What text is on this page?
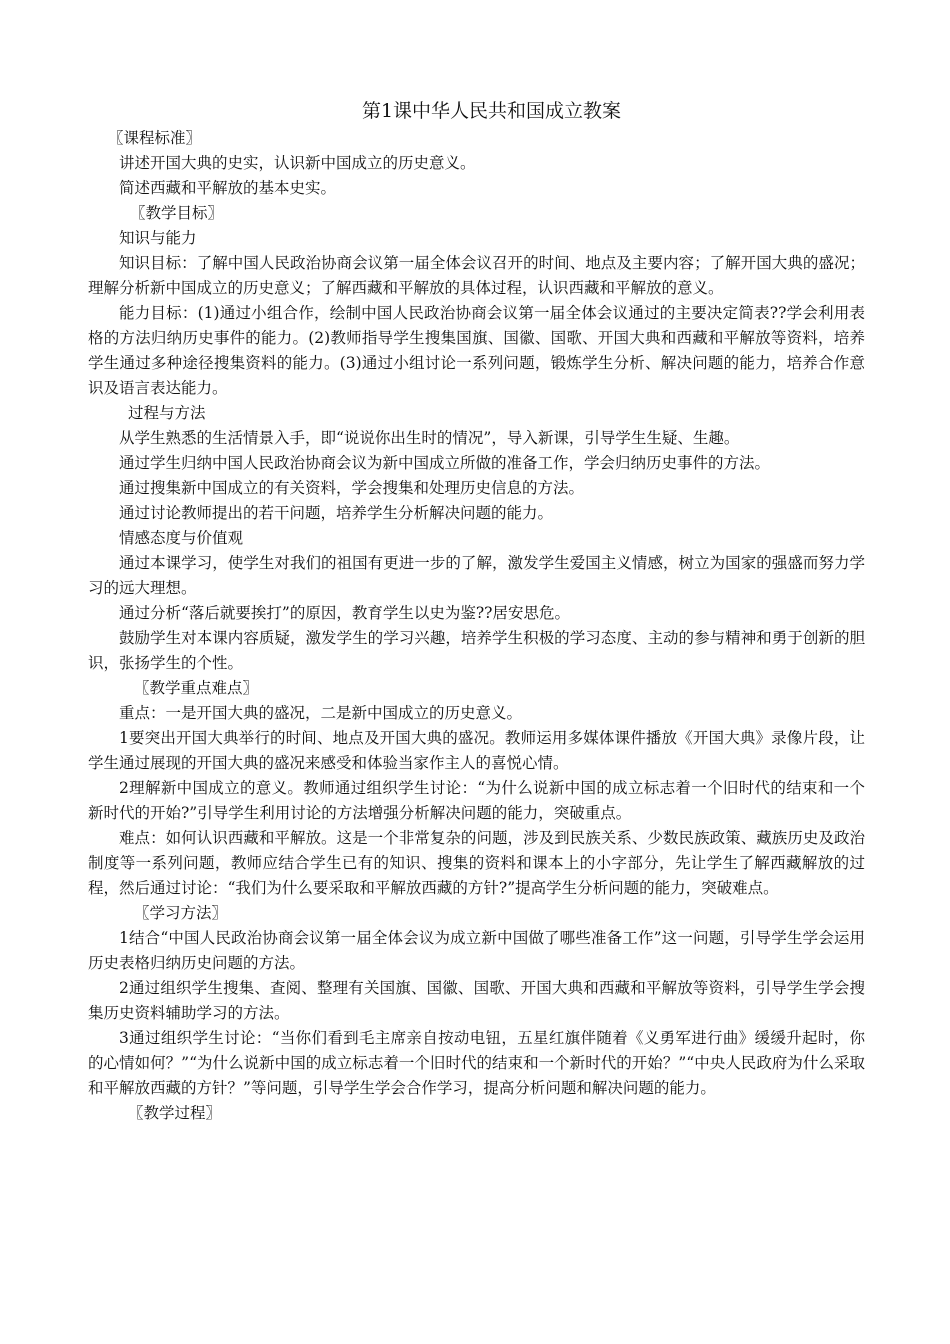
第1课中华人民共和国成立教案
〖课程标准〗

讲述开国大典的史实，认识新中国成立的历史意义。

简述西藏和平解放的基本史实。

〖教学目标〗

知识与能力

知识目标：了解中国人民政治协商会议第一届全体会议召开的时间、地点及主要内容；了解开国大典的盛况；理解分析新中国成立的历史意义；了解西藏和平解放的具体过程，认识西藏和平解放的意义。

能力目标：(1)通过小组合作，绘制中国人民政治协商会议第一届全体会议通过的主要决定简表??学会利用表格的方法归纳历史事件的能力。(2)教师指导学生搜集国旗、国徽、国歌、开国大典和西藏和平解放等资料，培养学生通过多种途径搜集资料的能力。(3)通过小组讨论一系列问题，锻炼学生分析、解决问题的能力，培养合作意识及语言表达能力。

过程与方法

从学生熟悉的生活情景入手，即“说说你出生时的情况”，导入新课，引导学生生疑、生趣。

通过学生归纳中国人民政治协商会议为新中国成立所做的准备工作，学会归纳历史事件的方法。

通过搜集新中国成立的有关资料，学会搜集和处理历史信息的方法。

通过讨论教师提出的若干问题，培养学生分析解决问题的能力。

情感态度与价值观

通过本课学习，使学生对我们的祖国有更进一步的了解，激发学生爱国主义情感，树立为国家的强盛而努力学习的远大理想。

通过分析“落后就要挨打”的原因，教育学生以史为鉴??居安思危。

鼓励学生对本课内容质疑，激发学生的学习兴趣，培养学生积极的学习态度、主动的参与精神和勇于创新的胆识，张扬学生的个性。

〖教学重点难点〗

重点：一是开国大典的盛况，二是新中国成立的历史意义。

1要突出开国大典举行的时间、地点及开国大典的盛况。教师运用多媒体课件播放《开国大典》录像片段，让学生通过展现的开国大典的盛况来感受和体验当家作主人的喜悦心情。

2理解新中国成立的意义。教师通过组织学生讨论：“为什么说新中国的成立标志着一个旧时代的结束和一个新时代的开始?”引导学生利用讨论的方法增强分析解决问题的能力，突破重点。

难点：如何认识西藏和平解放。这是一个非常复杂的问题，涉及到民族关系、少数民族政策、藏族历史及政治制度等一系列问题，教师应结合学生已有的知识、搜集的资料和课本上的小字部分，先让学生了解西藏解放的过程，然后通过讨论：“我们为什么要采取和平解放西藏的方针?”提高学生分析问题的能力，突破难点。

〖学习方法〗

1结合“中国人民政治协商会议第一届全体会议为成立新中国做了哪些准备工作”这一问题，引导学生学会运用历史表格归纳历史问题的方法。

2通过组织学生搜集、查阅、整理有关国旗、国徽、国歌、开国大典和西藏和平解放等资料，引导学生学会搜集历史资料辅助学习的方法。

3通过组织学生讨论：“当你们看到毛主席亲自按动电钮，五星红旗伴随着《义勇军进行曲》缓缓升起时，你的心情如何？”“为什么说新中国的成立标志着一个旧时代的结束和一个新时代的开始？”“中央人民政府为什么采取和平解放西藏的方针？”等问题，引导学生学会合作学习，提高分析问题和解决问题的能力。

〖教学过程〗
